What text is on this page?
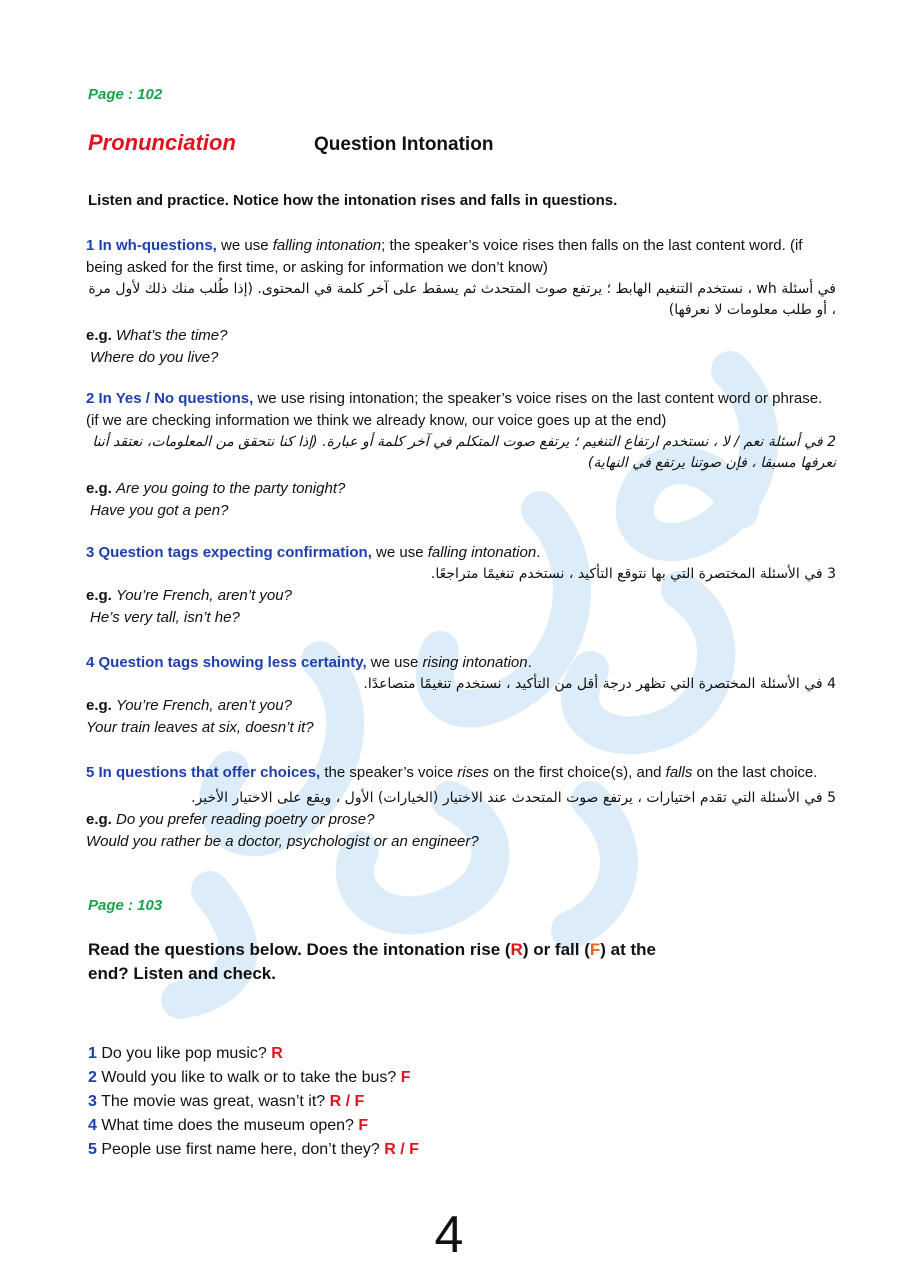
Page : 102
Pronunciation	Question Intonation
Listen and practice. Notice how the intonation rises and falls in questions.
1 In wh-questions, we use falling intonation; the speaker’s voice rises then falls on the last content word. (if being asked for the first time, or asking for information we don’t know)
في أسئلة wh ، نستخدم التنغيم الهابط ؛ يرتفع صوت المتحدث ثم يسقط على آخر كلمة في المحتوى. (إذا طُلب منك ذلك لأول مرة ، أو طلب معلومات لا نعرفها)
e.g. What’s the time?
Where do you live?
2 In Yes / No questions, we use rising intonation; the speaker’s voice rises on the last content word or phrase. (if we are checking information we think we already know, our voice goes up at the end)
2 في أسئلة نعم / لا ، نستخدم ارتفاع التنغيم ؛ يرتفع صوت المتكلم في آخر كلمة أو عبارة. (إذا كنا نتحقق من المعلومات، نعتقد أننا نعرفها مسبقا ، فإن صوتنا يرتفع في النهاية)
e.g. Are you going to the party tonight?
Have you got a pen?
3 Question tags expecting confirmation, we use falling intonation.
3 في الأسئلة المختصرة التي بها نتوقع التأكيد ، نستخدم تنغيمًا متراجعًا.
e.g. You’re French, aren’t you?
He’s very tall, isn’t he?
4 Question tags showing less certainty, we use rising intonation.
4 في الأسئلة المختصرة التي تظهر درجة أقل من التأكيد ، نستخدم تنغيمًا متصاعدًا.
e.g. You’re French, aren’t you?
Your train leaves at six, doesn’t it?
5 In questions that offer choices, the speaker’s voice rises on the first choice(s), and falls on the last choice.
5 في الأسئلة التي تقدم اختيارات ، يرتفع صوت المتحدث عند الاختيار (الخيارات) الأول ، ويقع على الاختيار الأخير.
e.g. Do you prefer reading poetry or prose?
Would you rather be a doctor, psychologist or an engineer?
Page : 103
Read the questions below. Does the intonation rise (R) or fall (F) at the end? Listen and check.
1 Do you like pop music? R
2 Would you like to walk or to take the bus? F
3 The movie was great, wasn’t it? R / F
4 What time does the museum open? F
5 People use first name here, don’t they? R / F
4
